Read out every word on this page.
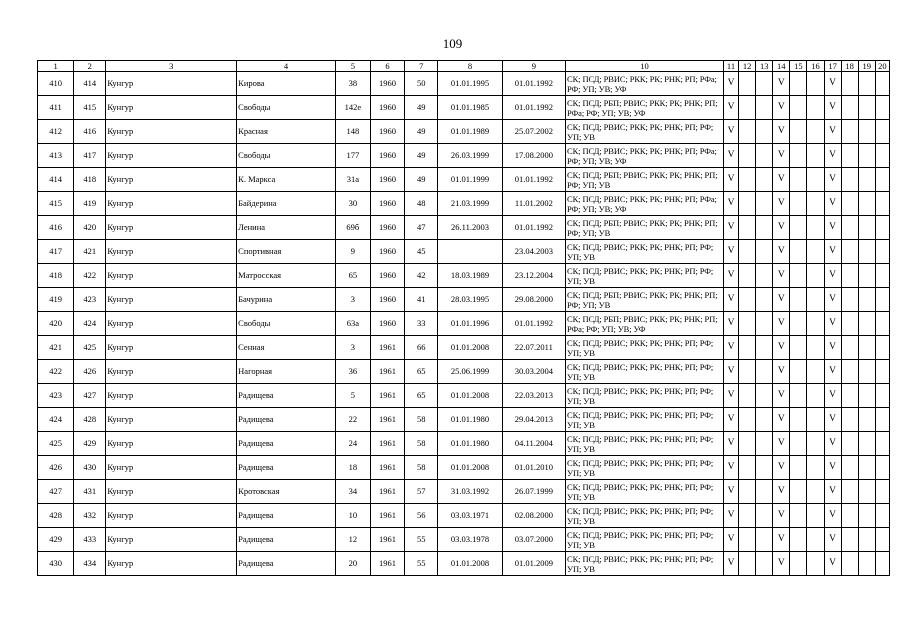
109
1	2	3	4	5	6	7	8	9	10	11	12	13	14	15	16	17	18	19	20
410	414	Кунгур	Кирова	38	1960	50	01.01.1995	01.01.1992	СК; ПСД; РВИС; РКК; РК; РНК; РП; РФа; РФ; УП; УВ; УФ	V			V			V			
411	415	Кунгур	Свободы	142е	1960	49	01.01.1985	01.01.1992	СК; ПСД; РБП; РВИС; РКК; РК; РНК; РП; РФа; РФ; УП; УВ; УФ	V			V			V			
412	416	Кунгур	Красная	148	1960	49	01.01.1989	25.07.2002	СК; ПСД; РВИС; РКК; РК; РНК; РП; РФ; УП; УВ	V			V			V			
413	417	Кунгур	Свободы	177	1960	49	26.03.1999	17.08.2000	СК; ПСД; РВИС; РКК; РК; РНК; РП; РФа; РФ; УП; УВ; УФ	V			V			V			
414	418	Кунгур	К. Маркса	31а	1960	49	01.01.1999	01.01.1992	СК; ПСД; РБП; РВИС; РКК; РК; РНК; РП; РФ; УП; УВ	V			V			V			
415	419	Кунгур	Байдерина	30	1960	48	21.03.1999	11.01.2002	СК; ПСД; РВИС; РКК; РК; РНК; РП; РФа; РФ; УП; УВ; УФ	V			V			V			
416	420	Кунгур	Ленина	69б	1960	47	26.11.2003	01.01.1992	СК; ПСД; РБП; РВИС; РКК; РК; РНК; РП; РФ; УП; УВ	V			V			V			
417	421	Кунгур	Спортивная	9	1960	45		23.04.2003	СК; ПСД; РВИС; РКК; РК; РНК; РП; РФ; УП; УВ	V			V			V			
418	422	Кунгур	Матросская	65	1960	42	18.03.1989	23.12.2004	СК; ПСД; РВИС; РКК; РК; РНК; РП; РФ; УП; УВ	V			V			V			
419	423	Кунгур	Бачурина	3	1960	41	28.03.1995	29.08.2000	СК; ПСД; РБП; РВИС; РКК; РК; РНК; РП; РФ; УП; УВ	V			V			V			
420	424	Кунгур	Свободы	63а	1960	33	01.01.1996	01.01.1992	СК; ПСД; РБП; РВИС; РКК; РК; РНК; РП; РФа; РФ; УП; УВ; УФ	V			V			V			
421	425	Кунгур	Сенная	3	1961	66	01.01.2008	22.07.2011	СК; ПСД; РВИС; РКК; РК; РНК; РП; РФ; УП; УВ	V			V			V			
422	426	Кунгур	Нагорная	36	1961	65	25.06.1999	30.03.2004	СК; ПСД; РВИС; РКК; РК; РНК; РП; РФ; УП; УВ	V			V			V			
423	427	Кунгур	Радищева	5	1961	65	01.01.2008	22.03.2013	СК; ПСД; РВИС; РКК; РК; РНК; РП; РФ; УП; УВ	V			V			V			
424	428	Кунгур	Радищева	22	1961	58	01.01.1980	29.04.2013	СК; ПСД; РВИС; РКК; РК; РНК; РП; РФ; УП; УВ	V			V			V			
425	429	Кунгур	Радищева	24	1961	58	01.01.1980	04.11.2004	СК; ПСД; РВИС; РКК; РК; РНК; РП; РФ; УП; УВ	V			V			V			
426	430	Кунгур	Радищева	18	1961	58	01.01.2008	01.01.2010	СК; ПСД; РВИС; РКК; РК; РНК; РП; РФ; УП; УВ	V			V			V			
427	431	Кунгур	Кротовская	34	1961	57	31.03.1992	26.07.1999	СК; ПСД; РВИС; РКК; РК; РНК; РП; РФ; УП; УВ	V			V			V			
428	432	Кунгур	Радищева	10	1961	56	03.03.1971	02.08.2000	СК; ПСД; РВИС; РКК; РК; РНК; РП; РФ; УП; УВ	V			V			V			
429	433	Кунгур	Радищева	12	1961	55	03.03.1978	03.07.2000	СК; ПСД; РВИС; РКК; РК; РНК; РП; РФ; УП; УВ	V			V			V			
430	434	Кунгур	Радищева	20	1961	55	01.01.2008	01.01.2009	СК; ПСД; РВИС; РКК; РК; РНК; РП; РФ; УП; УВ	V			V			V			
